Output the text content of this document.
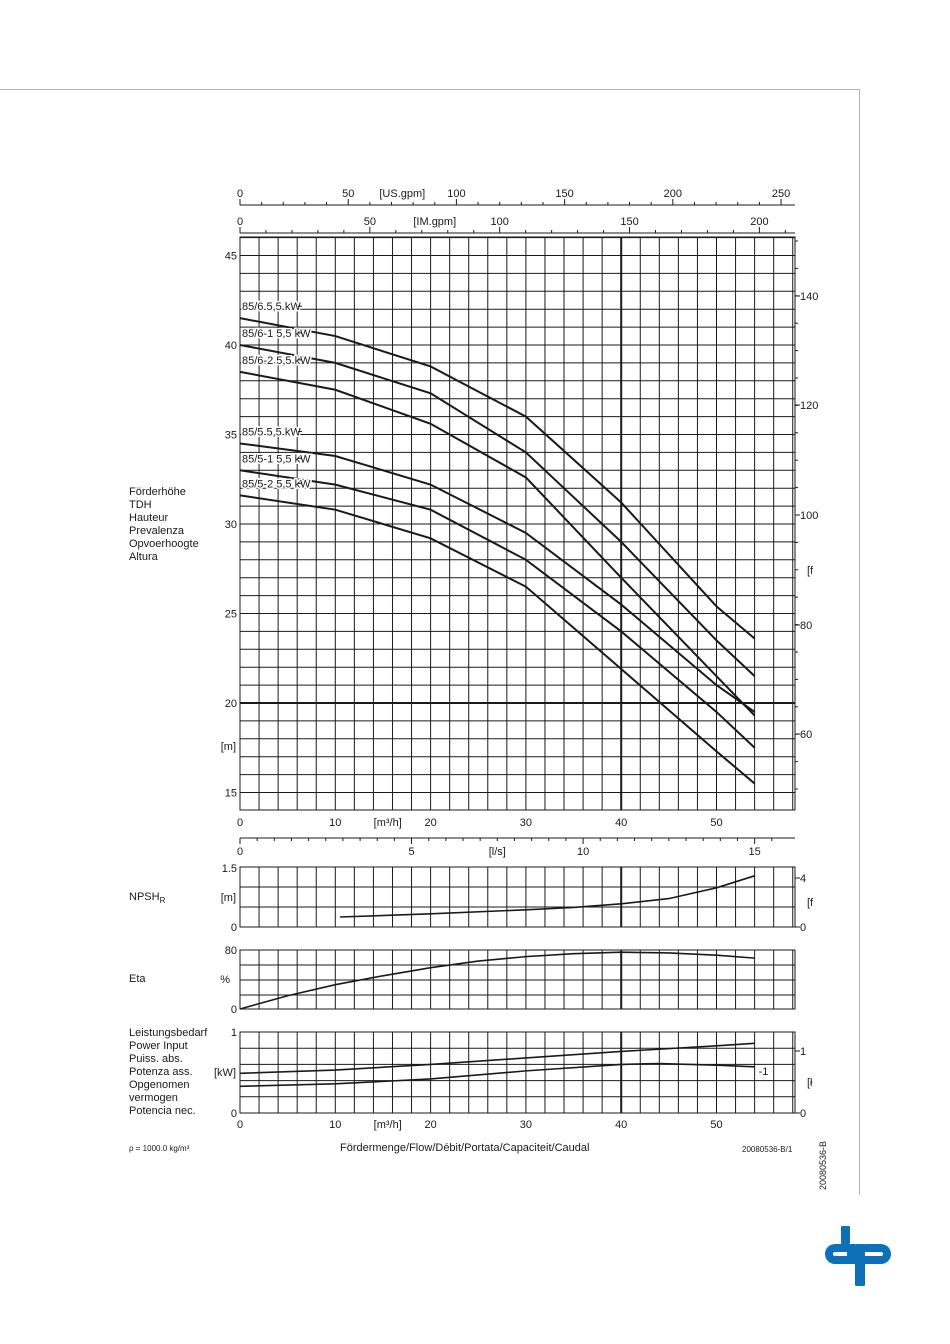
15
20
25
30
35
40
45
[m]
0	50	100	150	200	250
[US.gpm]
0	50	100	150	200
[IM.gpm]
140
120
100
80
60
[f
0	10	20	30	40	50
[m³/h]
0	5	10	15
[l/s]
85/6 5,5 kW
85/6-1 5,5 kW
85/6-2 5,5 kW
85/5 5,5 kW
85/5-1 5,5 kW
85/5-2 5,5 kW
1.5
0
[m]
4
0
[f
80
0
%
1
0
[kW]
1
0
[ł
-1
0	10	20	30	40	50
[m³/h]
Förderhöhe
TDH
Hauteur
Prevalenza
Opvoerhoogte
Altura
$NPSH_R$
Eta
Leistungsbedarf
Power Input
Puiss. abs.
Potenza ass.
Opgenomen
vermogen
Potencia nec.
ρ = 1000.0 kg/m³	Fördermenge/Flow/Débit/Portata/Capaciteit/Caudal	20080536-B/1	20080536-B
